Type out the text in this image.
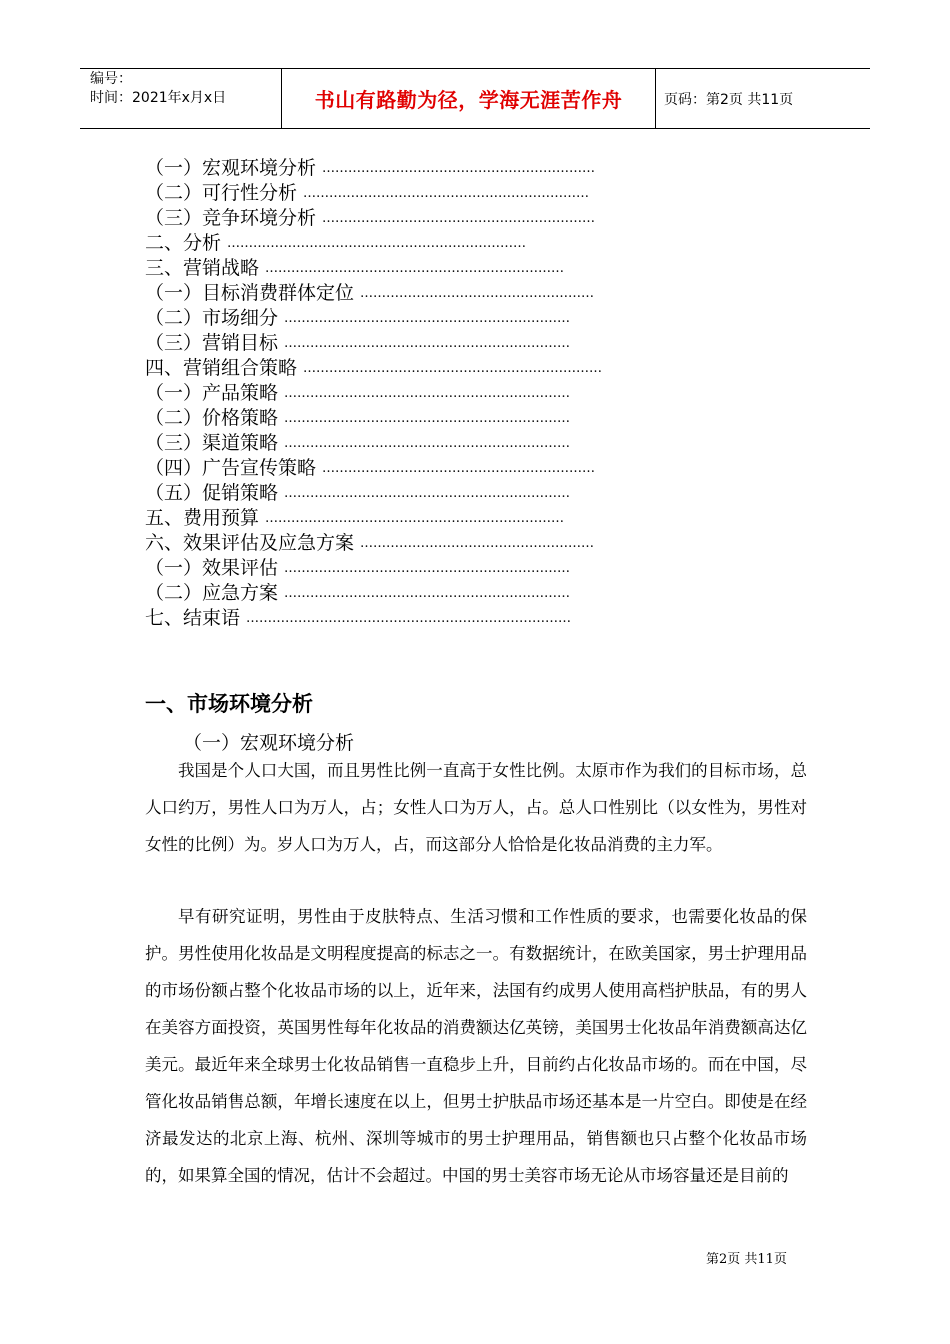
编号：
时间：2021年x月x日	书山有路勤为径，学海无涯苦作舟	页码：第2页 共11页
（一）宏观环境分析 ………………………………………………………
（二）可行性分析 …………………………………………………………
（三）竞争环境分析 ………………………………………………………
二、分析 ……………………………………………………………
三、营销战略 ……………………………………………………………
（一）目标消费群体定位 ………………………………………………
（二）市场细分 …………………………………………………………
（三）营销目标 …………………………………………………………
四、营销组合策略 ……………………………………………………………
（一）产品策略 …………………………………………………………
（二）价格策略 …………………………………………………………
（三）渠道策略 …………………………………………………………
（四）广告宣传策略 ………………………………………………………
（五）促销策略 …………………………………………………………
五、费用预算 ……………………………………………………………
六、效果评估及应急方案 ………………………………………………
（一）效果评估 …………………………………………………………
（二）应急方案 …………………………………………………………
七、结束语 …………………………………………………………………
一、市场环境分析
（一）宏观环境分析

我国是个人口大国，而且男性比例一直高于女性比例。太原市作为我们的目标市场，总人口约万，男性人口为万人，占；女性人口为万人，占。总人口性别比（以女性为，男性对女性的比例）为。岁人口为万人，占，而这部分人恰恰是化妆品消费的主力军。

早有研究证明，男性由于皮肤特点、生活习惯和工作性质的要求，也需要化妆品的保护。男性使用化妆品是文明程度提高的标志之一。有数据统计，在欧美国家，男士护理用品的市场份额占整个化妆品市场的以上，近年来，法国有约成男人使用高档护肤品，有的男人在美容方面投资，英国男性每年化妆品的消费额达亿英镑，美国男士化妆品年消费额高达亿美元。最近年来全球男士化妆品销售一直稳步上升，目前约占化妆品市场的。而在中国，尽管化妆品销售总额，年增长速度在以上，但男士护肤品市场还基本是一片空白。即使是在经济最发达的北京上海、杭州、深圳等城市的男士护理用品，销售额也只占整个化妆品市场的，如果算全国的情况，估计不会超过。中国的男士美容市场无论从市场容量还是目前的

第2页 共11页
